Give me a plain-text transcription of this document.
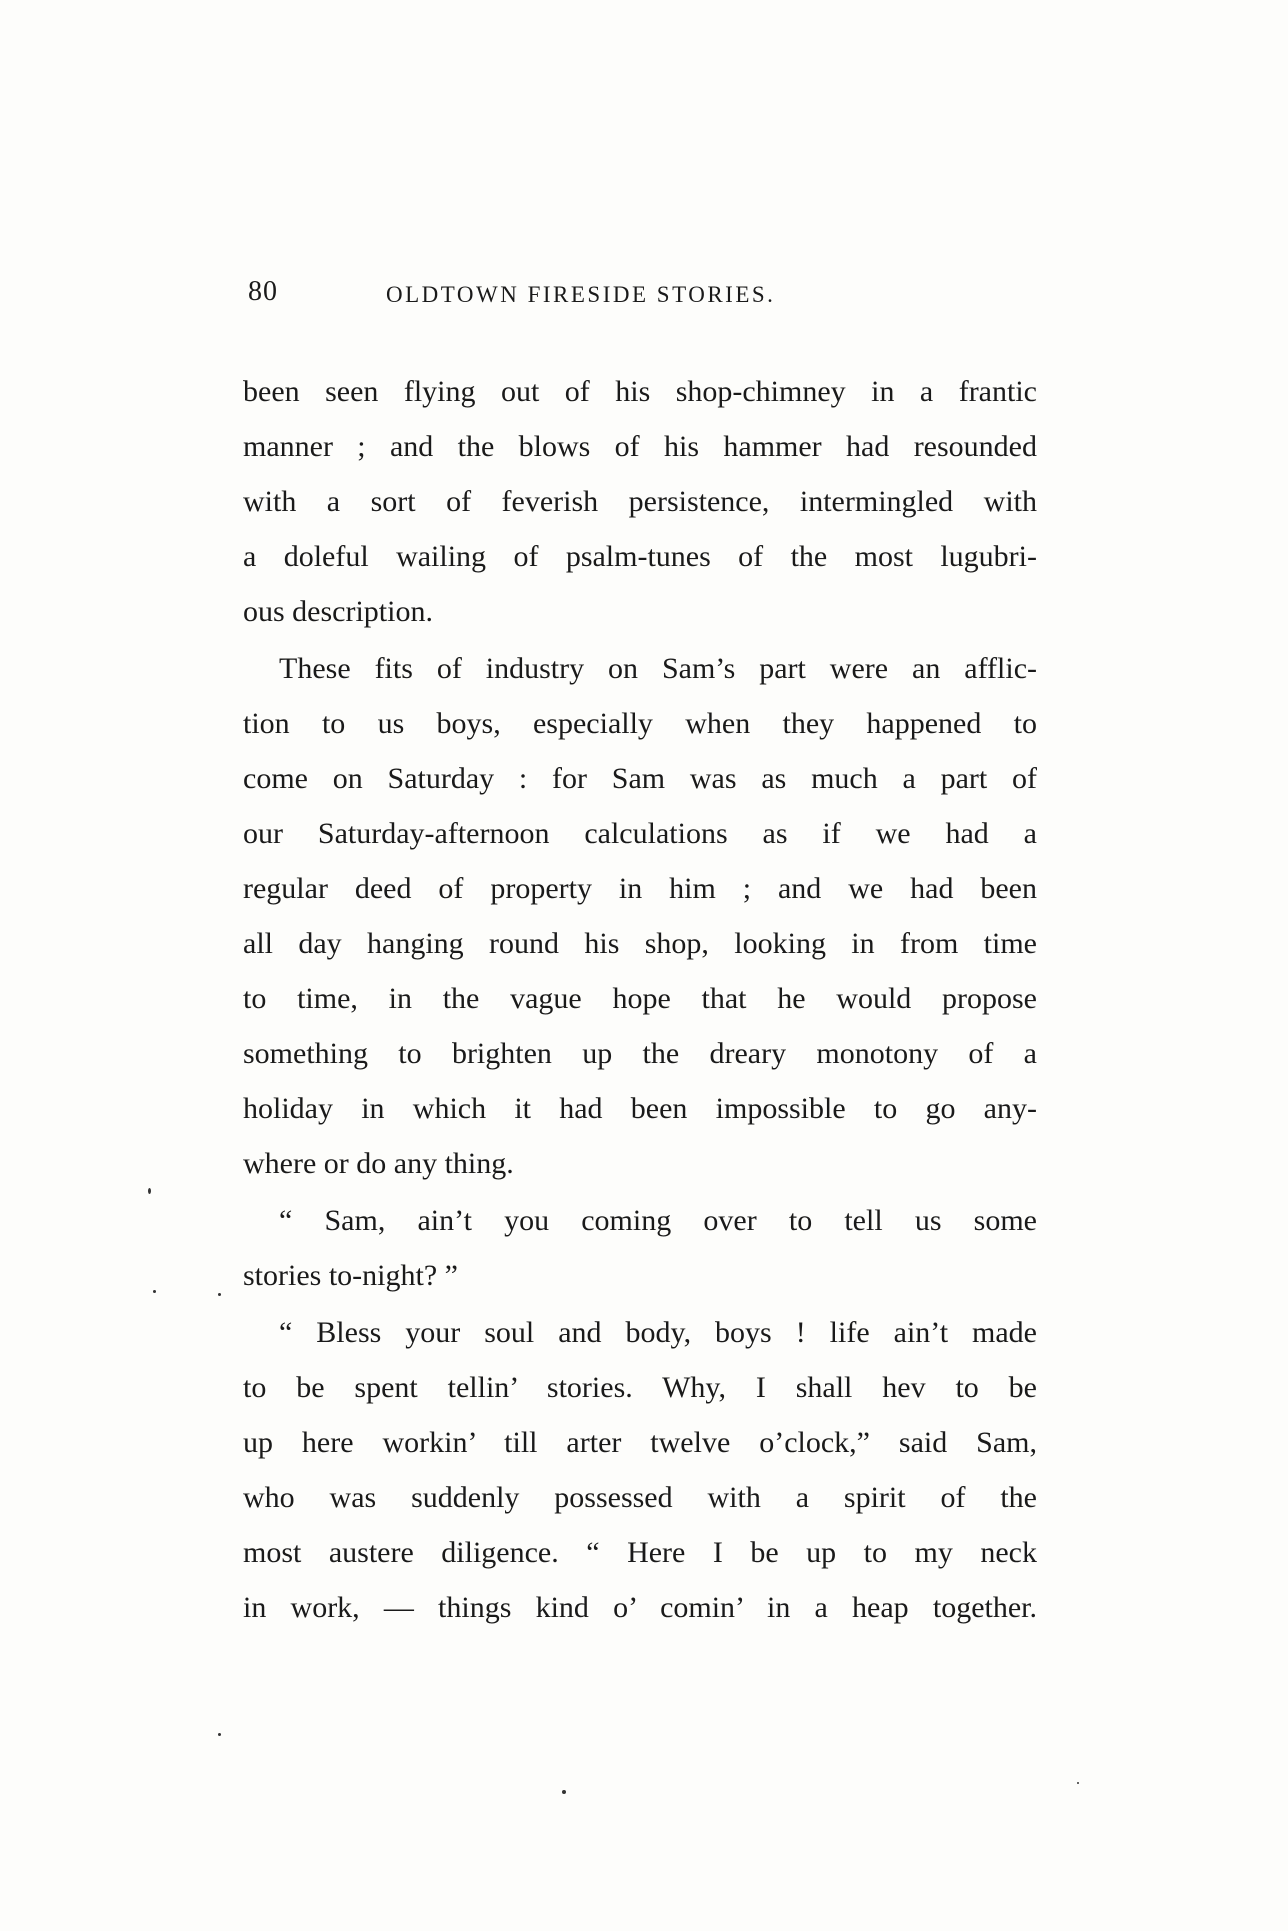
80	OLDTOWN FIRESIDE STORIES.

been seen flying out of his shop-chimney in a frantic
manner ; and the blows of his hammer had resounded
with a sort of feverish persistence, intermingled with
a doleful wailing of psalm-tunes of the most lugubri-
ous description.

These fits of industry on Sam’s part were an afflic-
tion to us boys, especially when they happened to
come on Saturday : for Sam was as much a part of
our Saturday-afternoon calculations as if we had a
regular deed of property in him ; and we had been
all day hanging round his shop, looking in from time
to time, in the vague hope that he would propose
something to brighten up the dreary monotony of a
holiday in which it had been impossible to go any-
where or do any thing.

“ Sam, ain’t you coming over to tell us some
stories to-night? ”

“ Bless your soul and body, boys ! life ain’t made
to be spent tellin’ stories. Why, I shall hev to be
up here workin’ till arter twelve o’clock,” said Sam,
who was suddenly possessed with a spirit of the
most austere diligence. “ Here I be up to my neck
in work, — things kind o’ comin’ in a heap together.
